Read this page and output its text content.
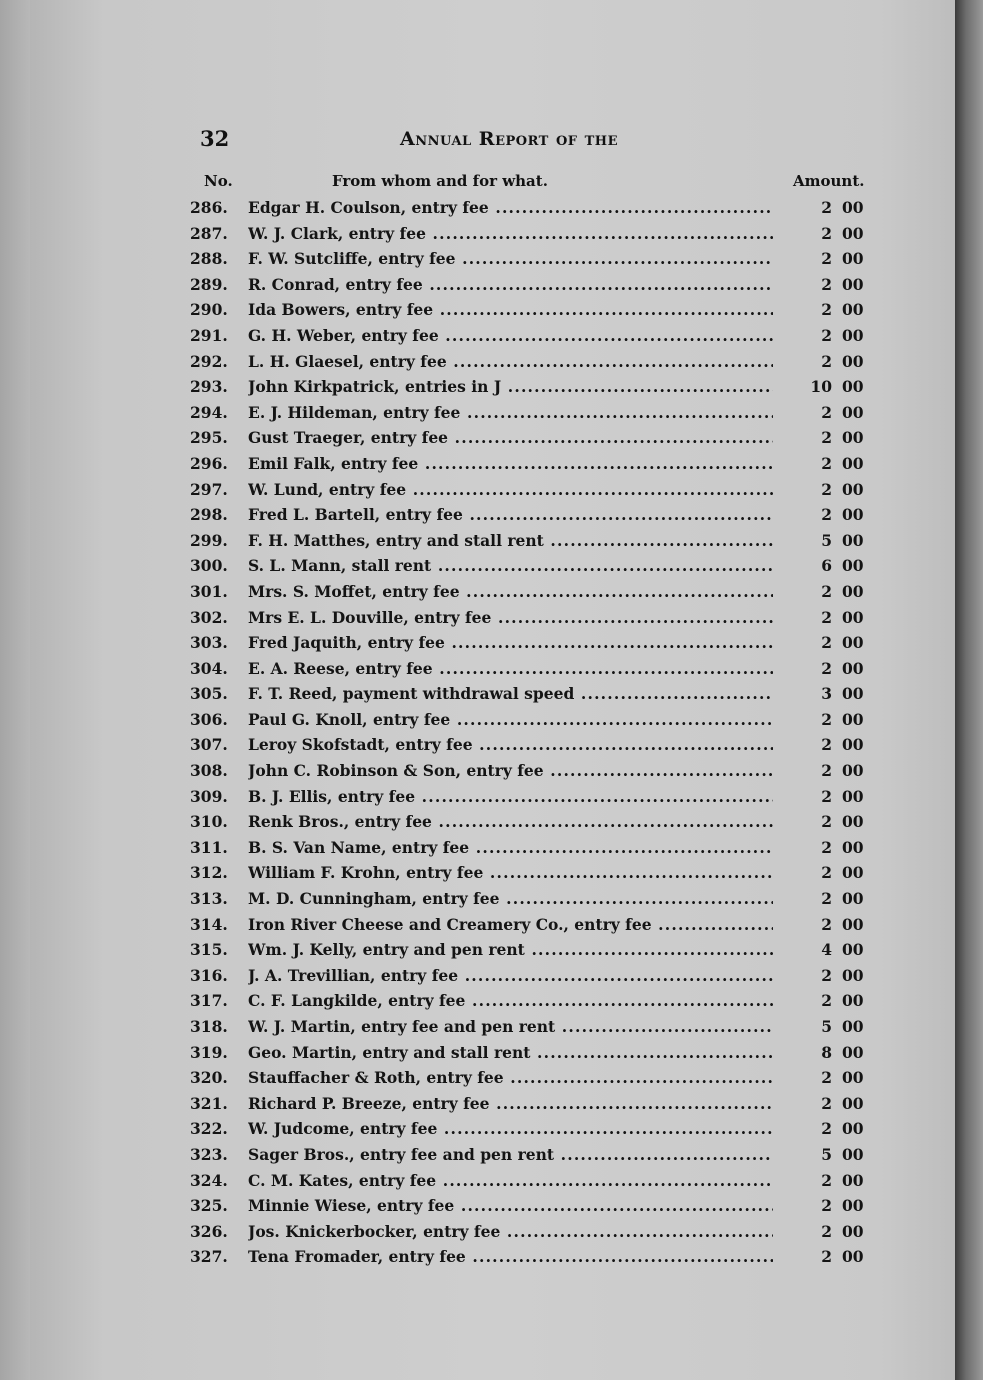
32	Annual Report of the
No.	From whom and for what.	Amount.
286.	Edgar H. Coulson, entry fee .....	2 00
287.	W. J. Clark, entry fee .....	2 00
288.	F. W. Sutcliffe, entry fee .....	2 00
289.	R. Conrad, entry fee .....	2 00
290.	Ida Bowers, entry fee .....	2 00
291.	G. H. Weber, entry fee .....	2 00
292.	L. H. Glaesel, entry fee .....	2 00
293.	John Kirkpatrick, entries in J .....	10 00
294.	E. J. Hildeman, entry fee .....	2 00
295.	Gust Traeger, entry fee .....	2 00
296.	Emil Falk, entry fee .....	2 00
297.	W. Lund, entry fee .....	2 00
298.	Fred L. Bartell, entry fee .....	2 00
299.	F. H. Matthes, entry and stall rent .....	5 00
300.	S. L. Mann, stall rent .....	6 00
301.	Mrs. S. Moffet, entry fee .....	2 00
302.	Mrs E. L. Douville, entry fee .....	2 00
303.	Fred Jaquith, entry fee .....	2 00
304.	E. A. Reese, entry fee .....	2 00
305.	F. T. Reed, payment withdrawal speed .....	3 00
306.	Paul G. Knoll, entry fee .....	2 00
307.	Leroy Skofstadt, entry fee .....	2 00
308.	John C. Robinson & Son, entry fee .....	2 00
309.	B. J. Ellis, entry fee .....	2 00
310.	Renk Bros., entry fee .....	2 00
311.	B. S. Van Name, entry fee .....	2 00
312.	William F. Krohn, entry fee .....	2 00
313.	M. D. Cunningham, entry fee .....	2 00
314.	Iron River Cheese and Creamery Co., entry fee .....	2 00
315.	Wm. J. Kelly, entry and pen rent .....	4 00
316.	J. A. Trevillian, entry fee .....	2 00
317.	C. F. Langkilde, entry fee .....	2 00
318.	W. J. Martin, entry fee and pen rent .....	5 00
319.	Geo. Martin, entry and stall rent .....	8 00
320.	Stauffacher & Roth, entry fee .....	2 00
321.	Richard P. Breeze, entry fee .....	2 00
322.	W. Judcome, entry fee .....	2 00
323.	Sager Bros., entry fee and pen rent .....	5 00
324.	C. M. Kates, entry fee .....	2 00
325.	Minnie Wiese, entry fee .....	2 00
326.	Jos. Knickerbocker, entry fee .....	2 00
327.	Tena Fromader, entry fee .....	2 00
